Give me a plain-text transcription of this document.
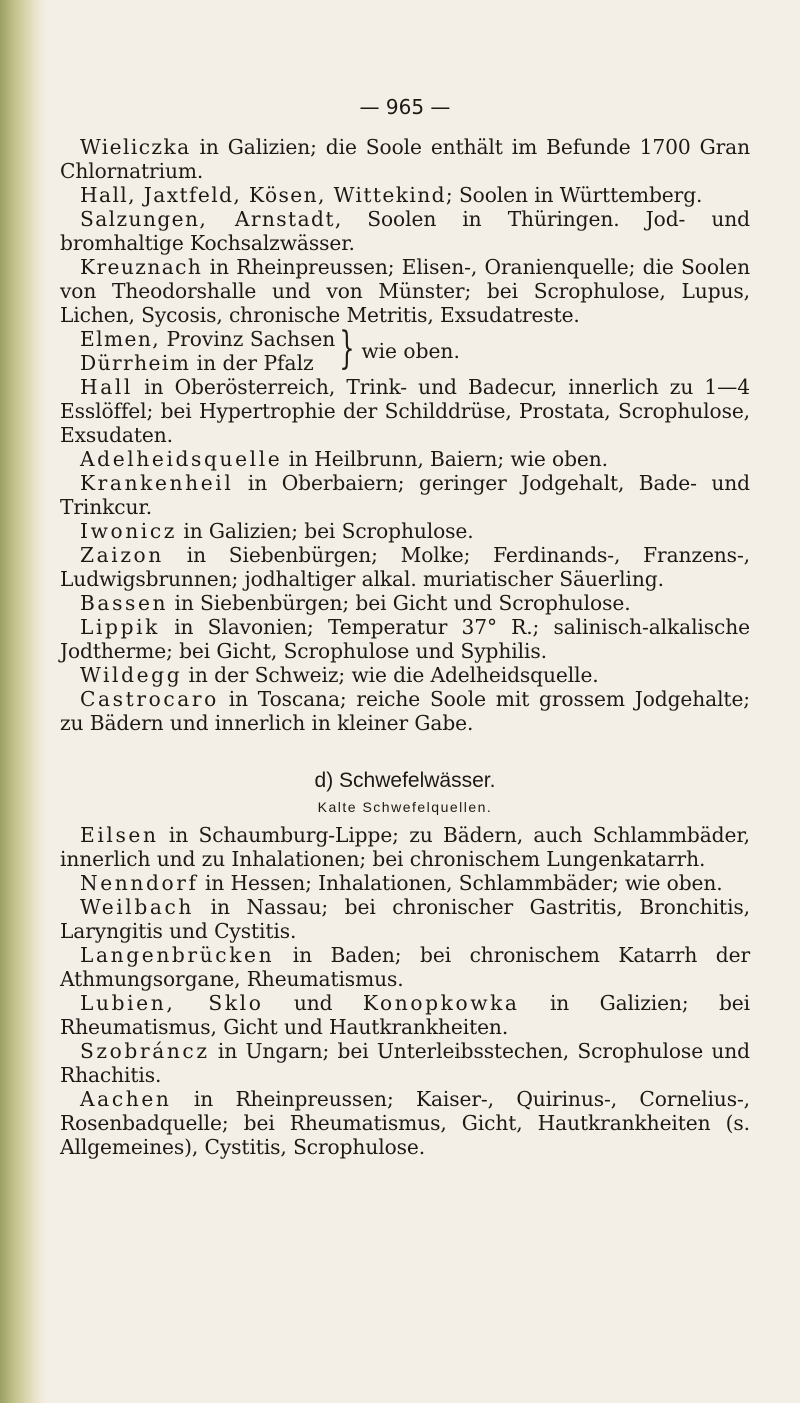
— 965 —

Wieliczka in Galizien; die Soole enthält im Befunde 1700 Gran Chlornatrium.

Hall, Jaxtfeld, Kösen, Wittekind; Soolen in Württemberg.

Salzungen, Arnstadt, Soolen in Thüringen. Jod- und bromhaltige Kochsalzwässer.

Kreuznach in Rheinpreussen; Elisen-, Oranienquelle; die Soolen von Theodorshalle und von Münster; bei Scrophulose, Lupus, Lichen, Sycosis, chronische Metritis, Exsudatreste.

Elmen, Provinz Sachsen
Dürrheim in der Pfalz } wie oben.

Hall in Oberösterreich, Trink- und Badecur, innerlich zu 1—4 Esslöffel; bei Hypertrophie der Schilddrüse, Prostata, Scrophulose, Exsudaten.

Adelheidsquelle in Heilbrunn, Baiern; wie oben.

Krankenheil in Oberbaiern; geringer Jodgehalt, Bade- und Trinkcur.

Iwonicz in Galizien; bei Scrophulose.

Zaizon in Siebenbürgen; Molke; Ferdinands-, Franzens-, Ludwigsbrunnen; jodhaltiger alkal. muriatischer Säuerling.

Bassen in Siebenbürgen; bei Gicht und Scrophulose.

Lippik in Slavonien; Temperatur 37° R.; salinisch-alkalische Jodtherme; bei Gicht, Scrophulose und Syphilis.

Wildegg in der Schweiz; wie die Adelheidsquelle.

Castrocaro in Toscana; reiche Soole mit grossem Jodgehalte; zu Bädern und innerlich in kleiner Gabe.

d) Schwefelwässer.
Kalte Schwefelquellen.

Eilsen in Schaumburg-Lippe; zu Bädern, auch Schlammbäder, innerlich und zu Inhalationen; bei chronischem Lungenkatarrh.

Nenndorf in Hessen; Inhalationen, Schlammbäder; wie oben.

Weilbach in Nassau; bei chronischer Gastritis, Bronchitis, Laryngitis und Cystitis.

Langenbrücken in Baden; bei chronischem Katarrh der Athmungsorgane, Rheumatismus.

Lubien, Sklo und Konopkowka in Galizien; bei Rheumatismus, Gicht und Hautkrankheiten.

Szobráncz in Ungarn; bei Unterleibsstechen, Scrophulose und Rhachitis.

Aachen in Rheinpreussen; Kaiser-, Quirinus-, Cornelius-, Rosenbadquelle; bei Rheumatismus, Gicht, Hautkrankheiten (s. Allgemeines), Cystitis, Scrophulose.
